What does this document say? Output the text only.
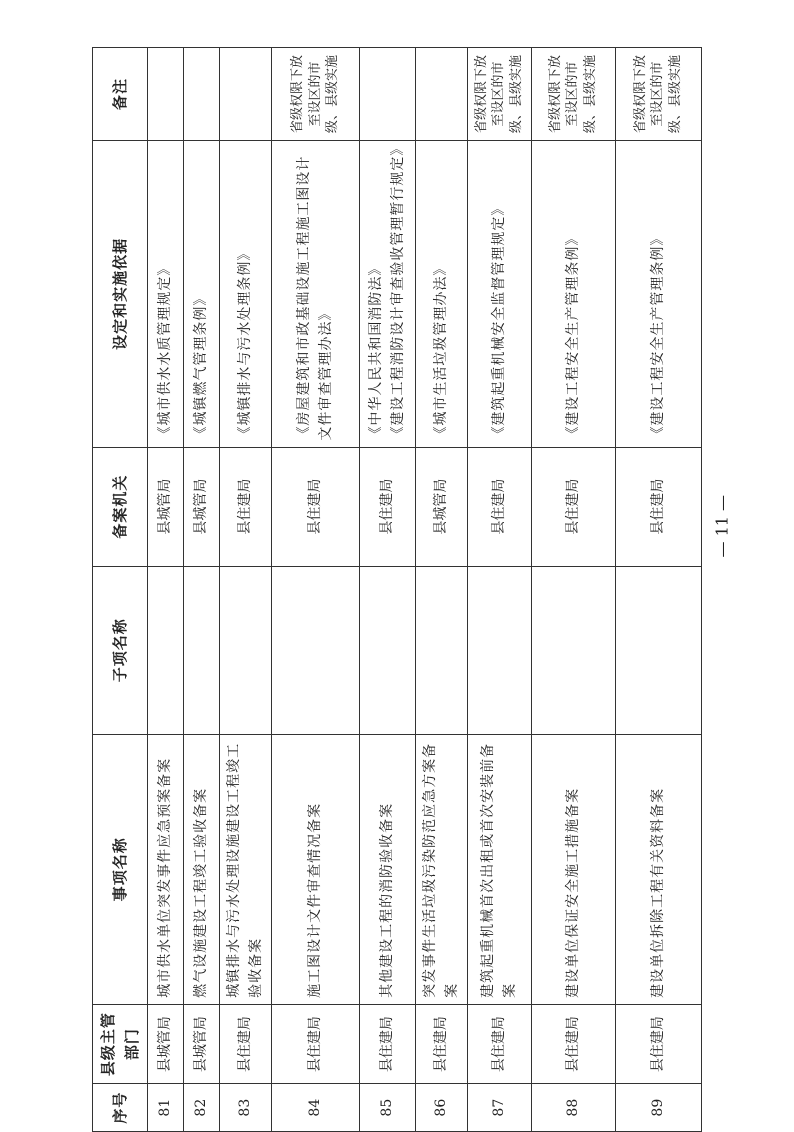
序号	县级主管部门	事项名称	子项名称	备案机关	设定和实施依据	备注
81	县城管局	城市供水单位突发事件应急预案备案		县城管局	《城市供水水质管理规定》	
82	县城管局	燃气设施建设工程竣工验收备案		县城管局	《城镇燃气管理条例》	
83	县住建局	城镇排水与污水处理设施建设工程竣工验收备案		县住建局	《城镇排水与污水处理条例》	
84	县住建局	施工图设计文件审查情况备案		县住建局	《房屋建筑和市政基础设施工程施工图设计文件审查管理办法》	省级权限下放至设区的市级、县级实施
85	县住建局	其他建设工程的消防验收备案		县住建局	《中华人民共和国消防法》
《建设工程消防设计审查验收管理暂行规定》	
86	县住建局	突发事件生活垃圾污染防范应急方案备案		县城管局	《城市生活垃圾管理办法》	
87	县住建局	建筑起重机械首次出租或首次安装前备案		县住建局	《建筑起重机械安全监督管理规定》	省级权限下放至设区的市级、县级实施
88	县住建局	建设单位保证安全施工措施备案		县住建局	《建设工程安全生产管理条例》	省级权限下放至设区的市级、县级实施
89	县住建局	建设单位拆除工程有关资料备案		县住建局	《建设工程安全生产管理条例》	省级权限下放至设区的市级、县级实施
— 11 —
